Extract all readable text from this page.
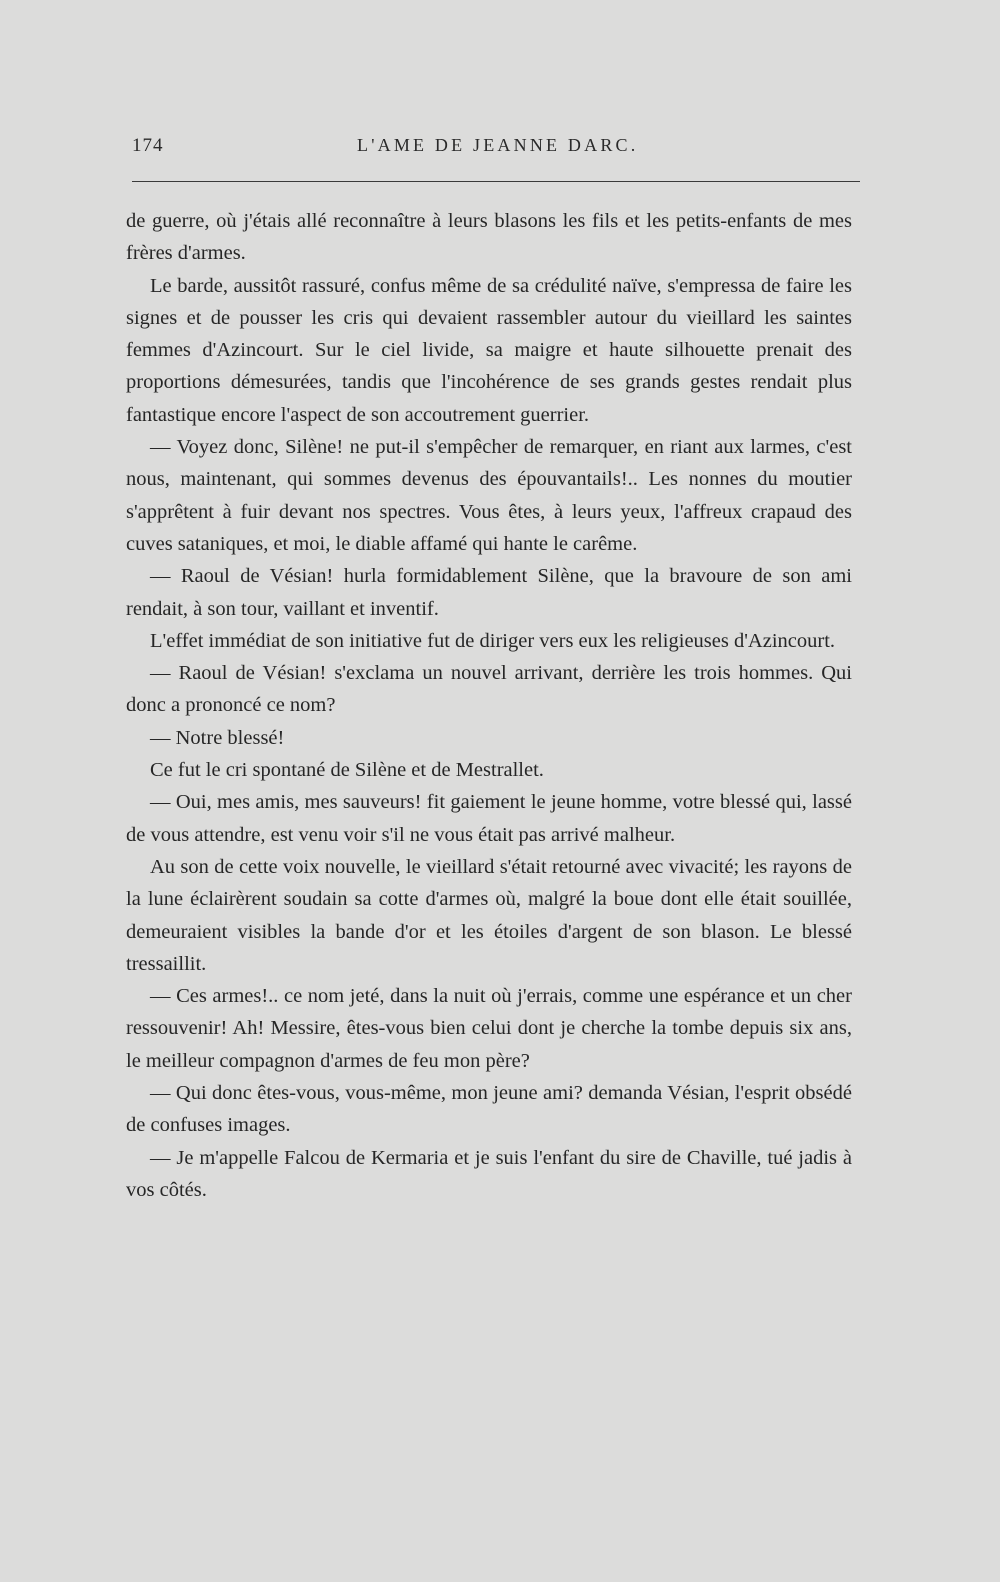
174	L'AME DE JEANNE DARC.

de guerre, où j'étais allé reconnaître à leurs blasons les fils et les petits-enfants de mes frères d'armes.

Le barde, aussitôt rassuré, confus même de sa crédulité naïve, s'empressa de faire les signes et de pousser les cris qui devaient rassembler autour du vieillard les saintes femmes d'Azincourt. Sur le ciel livide, sa maigre et haute silhouette prenait des proportions démesurées, tandis que l'incohérence de ses grands gestes rendait plus fantastique encore l'aspect de son accoutrement guerrier.

— Voyez donc, Silène! ne put-il s'empêcher de remarquer, en riant aux larmes, c'est nous, maintenant, qui sommes devenus des épouvantails!.. Les nonnes du moutier s'apprêtent à fuir devant nos spectres. Vous êtes, à leurs yeux, l'affreux crapaud des cuves sataniques, et moi, le diable affamé qui hante le carême.

— Raoul de Vésian! hurla formidablement Silène, que la bravoure de son ami rendait, à son tour, vaillant et inventif.

L'effet immédiat de son initiative fut de diriger vers eux les religieuses d'Azincourt.

— Raoul de Vésian! s'exclama un nouvel arrivant, derrière les trois hommes. Qui donc a prononcé ce nom?

— Notre blessé!

Ce fut le cri spontané de Silène et de Mestrallet.

— Oui, mes amis, mes sauveurs! fit gaiement le jeune homme, votre blessé qui, lassé de vous attendre, est venu voir s'il ne vous était pas arrivé malheur.

Au son de cette voix nouvelle, le vieillard s'était retourné avec vivacité; les rayons de la lune éclairèrent soudain sa cotte d'armes où, malgré la boue dont elle était souillée, demeuraient visibles la bande d'or et les étoiles d'argent de son blason. Le blessé tressaillit.

— Ces armes!.. ce nom jeté, dans la nuit où j'errais, comme une espérance et un cher ressouvenir! Ah! Messire, êtes-vous bien celui dont je cherche la tombe depuis six ans, le meilleur compagnon d'armes de feu mon père?

— Qui donc êtes-vous, vous-même, mon jeune ami? demanda Vésian, l'esprit obsédé de confuses images.

— Je m'appelle Falcou de Kermaria et je suis l'enfant du sire de Chaville, tué jadis à vos côtés.
